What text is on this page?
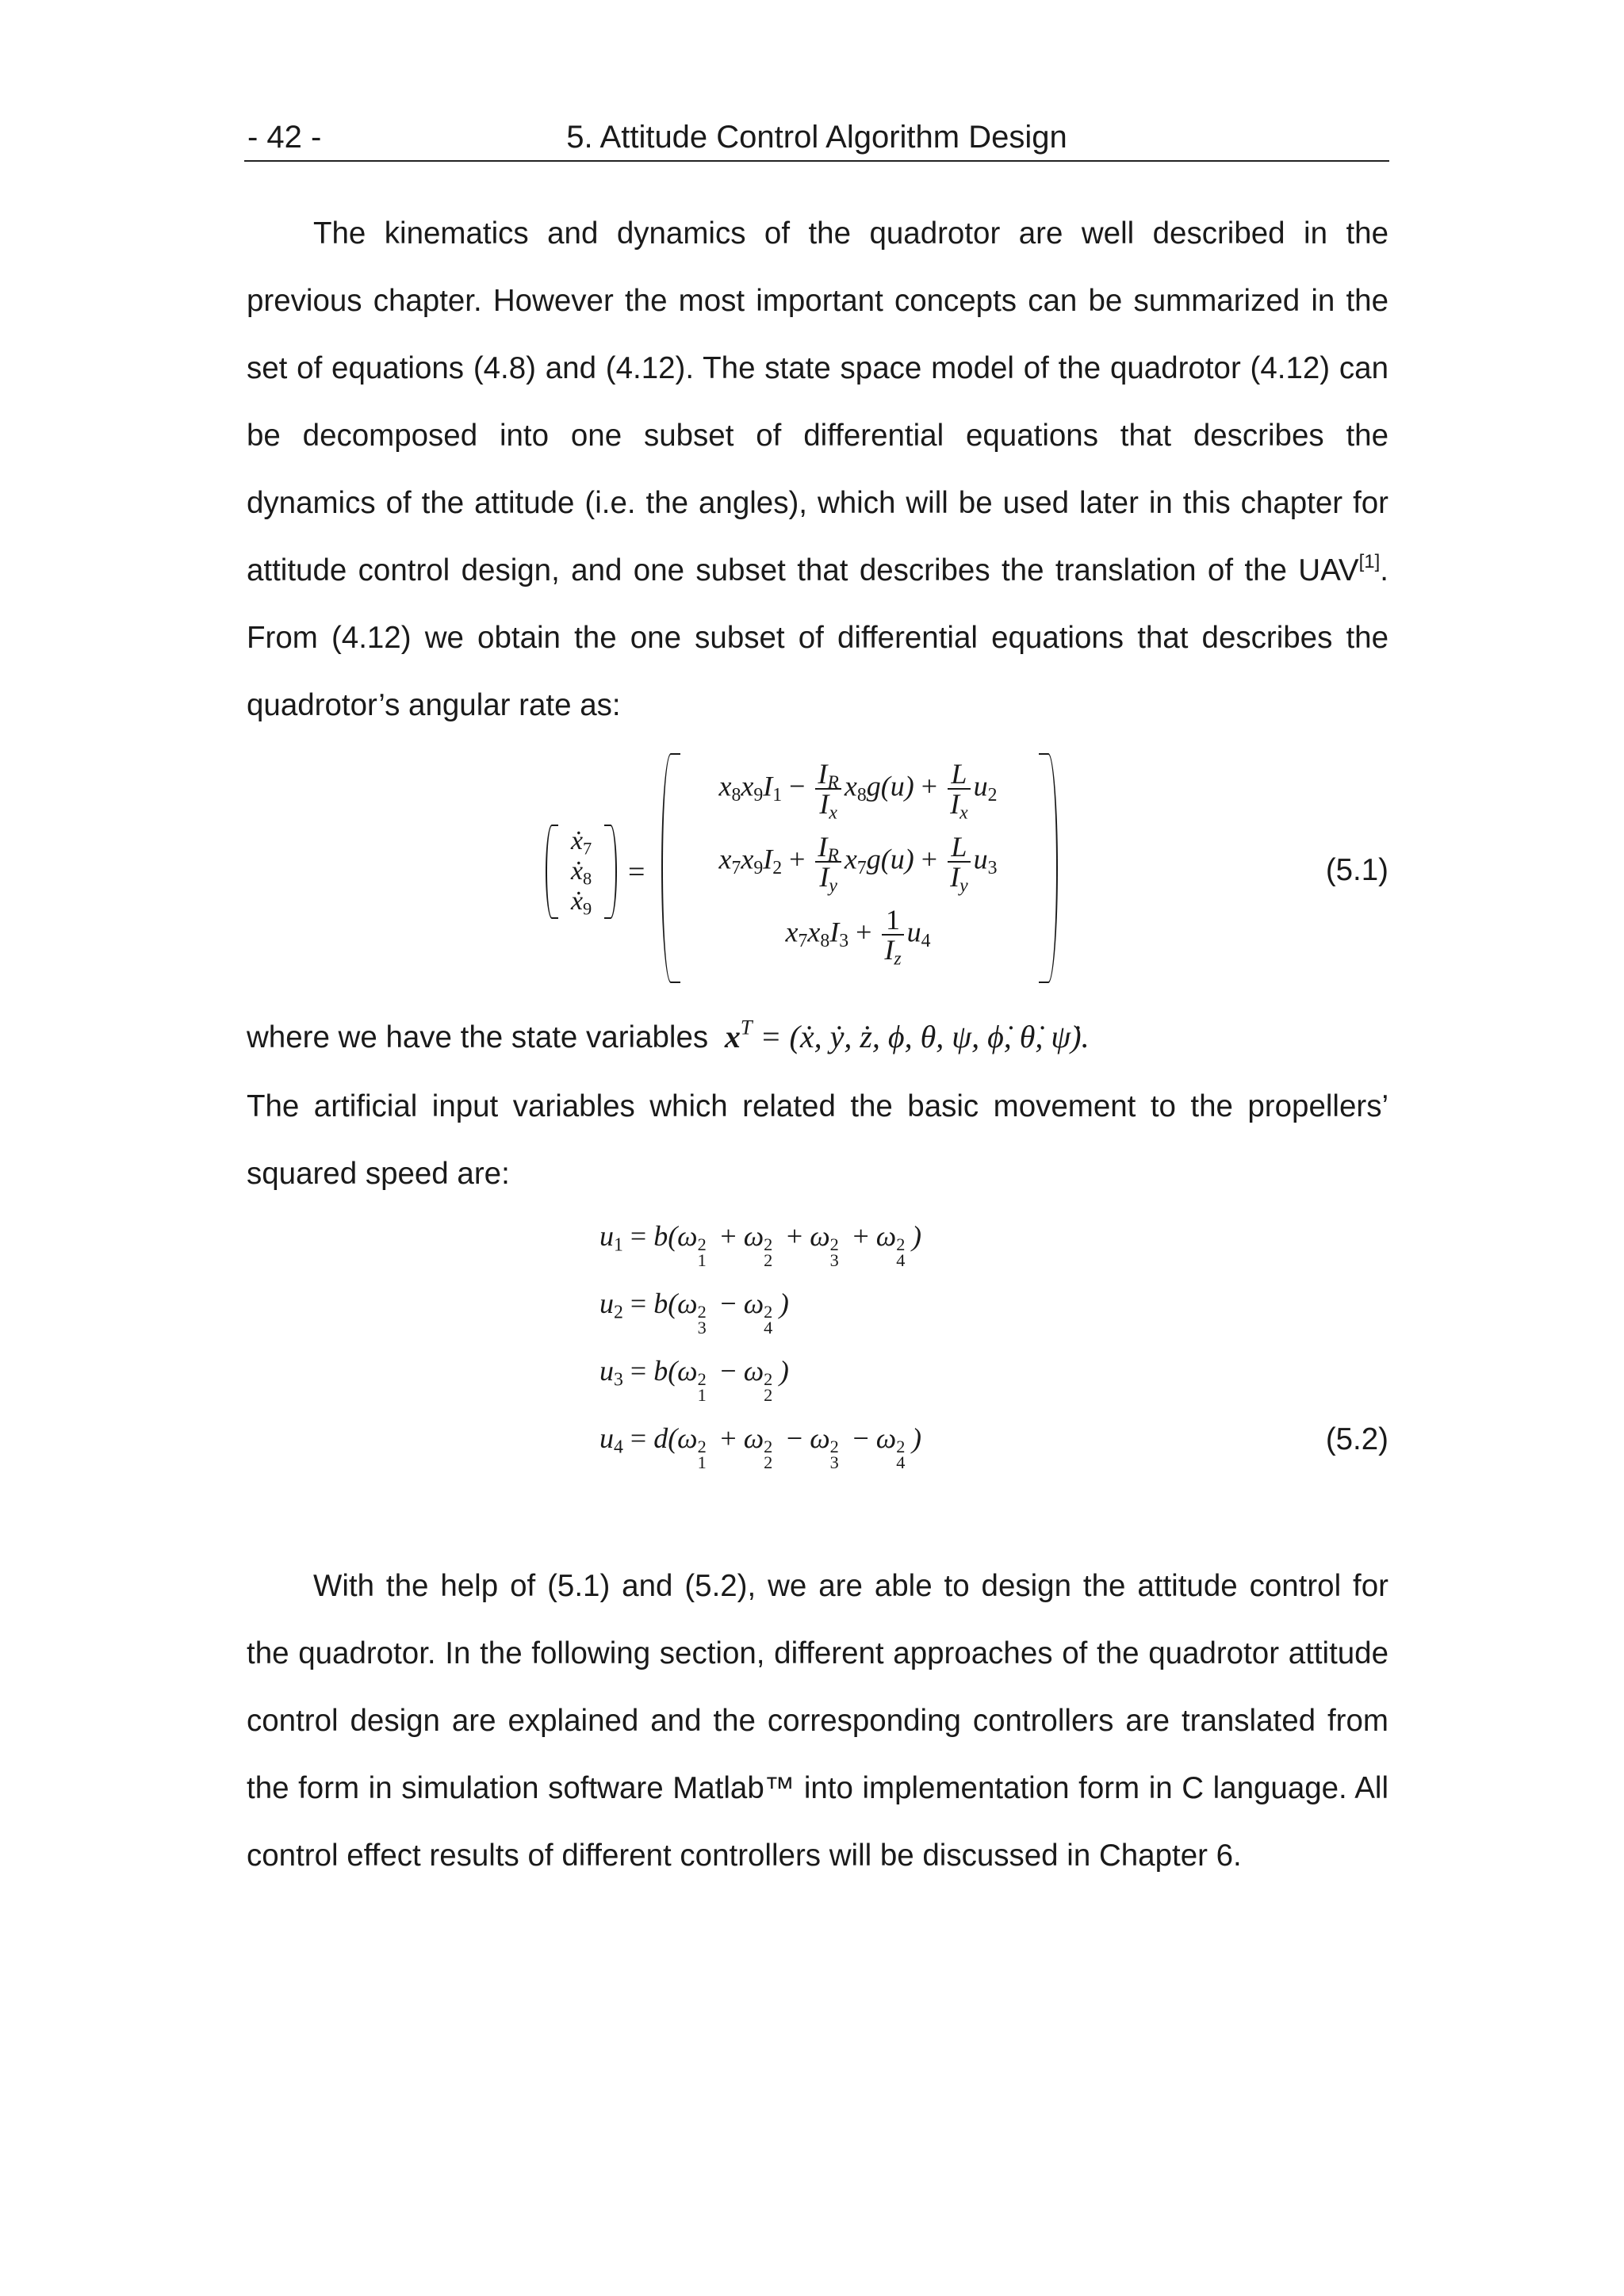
- 42 -	5. Attitude Control Algorithm Design

The kinematics and dynamics of the quadrotor are well described in the previous chapter. However the most important concepts can be summarized in the set of equations (4.8) and (4.12). The state space model of the quadrotor (4.12) can be decomposed into one subset of differential equations that describes the dynamics of the attitude (i.e. the angles), which will be used later in this chapter for attitude control design, and one subset that describes the translation of the UAV[1]. From (4.12) we obtain the one subset of differential equations that describes the quadrotor’s angular rate as:

ẋ$_7$
ẋ$_8$
ẋ$_9$
=
$x_8x_9I_1 - \frac{I_R}{I_x} x_8g(u) + \frac{L}{I_x} u_2$
$x_7x_9I_2 + \frac{I_R}{I_y} x_7g(u) + \frac{L}{I_y} u_3$
$x_7x_8I_3 + \frac{1}{I_z} u_4$
(5.1)
where we have the state variables $x^T$ = (ẋ, ẏ, ż, ϕ, θ, ψ, ϕ̇, θ̇, ψ̇).

The artificial input variables which related the basic movement to the propellers’ squared speed are:

$u_1 = b(\omega$ 2
1
+ ω 2
2
+ ω 2
3
+ ω 2
4
)
$u_2 = b(\omega$ 2
3
− ω 2
4
)
$u_3 = b(\omega$ 2
1
− ω 2
2
)
$u_4 = d(\omega$ 2
1
+ ω 2
2
− ω 2
3
− ω 2
4
)	(5.2)

With the help of (5.1) and (5.2), we are able to design the attitude control for the quadrotor. In the following section, different approaches of the quadrotor attitude control design are explained and the corresponding controllers are translated from the form in simulation software Matlab™ into implementation form in C language. All control effect results of different controllers will be discussed in Chapter 6.
